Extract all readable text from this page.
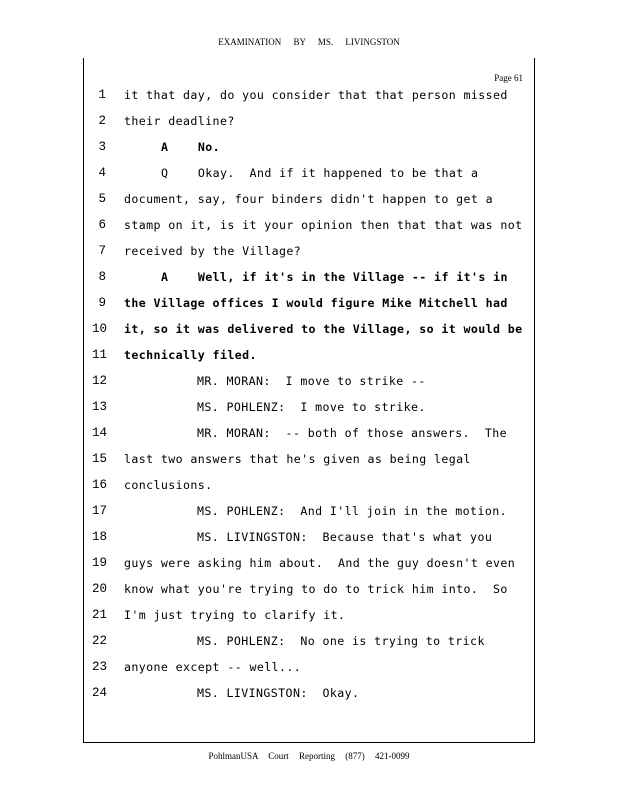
EXAMINATION BY MS. LIVINGSTON
Page 61
1 it that day, do you consider that that person missed
2 their deadline?
3	A    No.
4	Q    Okay.  And if it happened to be that a
5 document, say, four binders didn't happen to get a
6 stamp on it, is it your opinion then that that was not
7 received by the Village?
8	A    Well, if it's in the Village -- if it's in
9 the Village offices I would figure Mike Mitchell had
10 it, so it was delivered to the Village, so it would be
11 technically filed.
12	MR. MORAN:  I move to strike --
13	MS. POHLENZ:  I move to strike.
14	MR. MORAN:  -- both of those answers.  The
15 last two answers that he's given as being legal
16 conclusions.
17	MS. POHLENZ:  And I'll join in the motion.
18	MS. LIVINGSTON:  Because that's what you
19 guys were asking him about.  And the guy doesn't even
20 know what you're trying to do to trick him into.  So
21 I'm just trying to clarify it.
22	MS. POHLENZ:  No one is trying to trick
23 anyone except -- well...
24	MS. LIVINGSTON:  Okay.
PohlmanUSA Court Reporting (877) 421-0099
